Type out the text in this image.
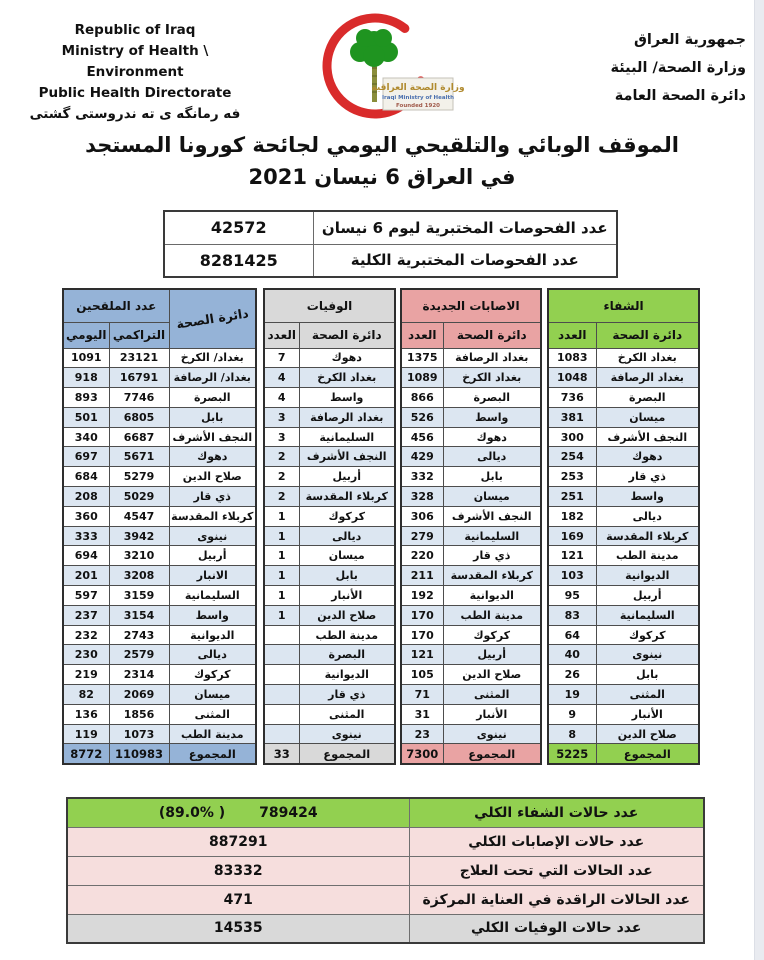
Republic of Iraq
Ministry of Health \ Environment
Public Health Directorate
فه رمانگه ى ته ندروستى گشتى
وزارة الصحة العراقية
Iraqi Ministry of Health
Founded 1920
جمهورية العراق
وزارة الصحة/ البيئة
دائرة الصحة العامة
الموقف الوبائي والتلقيحي اليومي لجائحة كورونا المستجد
في العراق 6 نيسان 2021
عدد الفحوصات المختبرية ليوم 6 نيسان	42572
عدد الفحوصات المختبرية الكلية	8281425
دائرة الصحة	عدد الملقحين	
	التراكمي	اليومي
بغداد/ الكرخ	23121	1091
بغداد/ الرصافة	16791	918
البصرة	7746	893
بابل	6805	501
النجف الأشرف	6687	340
دهوك	5671	697
صلاح الدين	5279	684
ذي قار	5029	208
كربلاء المقدسة	4547	360
نينوى	3942	333
أربيل	3210	694
الانبار	3208	201
السليمانية	3159	597
واسط	3154	237
الديوانية	2743	232
ديالى	2579	230
كركوك	2314	219
ميسان	2069	82
المثنى	1856	136
مدينة الطب	1073	119
المجموع	110983	8772
الوفيات	
دائرة الصحة	العدد
دهوك	7
بغداد الكرخ	4
واسط	4
بغداد الرصافة	3
السليمانية	3
النجف الأشرف	2
أربيل	2
كربلاء المقدسة	2
كركوك	1
ديالى	1
ميسان	1
بابل	1
الأنبار	1
صلاح الدين	1
مدينة الطب	
البصرة	
الديوانية	
ذي قار	
المثنى	
نينوى	
المجموع	33
الاصابات الجديدة	
دائرة الصحة	العدد
بغداد الرصافة	1375
بغداد الكرخ	1089
البصرة	866
واسط	526
دهوك	456
ديالى	429
بابل	332
ميسان	328
النجف الأشرف	306
السليمانية	279
ذي قار	220
كربلاء المقدسة	211
الديوانية	192
مدينة الطب	170
كركوك	170
أربيل	121
صلاح الدين	105
المثنى	71
الأنبار	31
نينوى	23
المجموع	7300
الشفاء	
دائرة الصحة	العدد
بغداد الكرخ	1083
بغداد الرصافة	1048
البصرة	736
ميسان	381
النجف الأشرف	300
دهوك	254
ذي قار	253
واسط	251
ديالى	182
كربلاء المقدسة	169
مدينة الطب	121
الديوانية	103
أربيل	95
السليمانية	83
كركوك	64
نينوى	40
بابل	26
المثنى	19
الأنبار	9
صلاح الدين	8
المجموع	5225
عدد حالات الشفاء الكلي	(89.0% ) 789424

عدد حالات الإصابات الكلي	887291
عدد الحالات التي تحت العلاج	83332
عدد الحالات الراقدة في العناية المركزة	471
عدد حالات الوفيات الكلي	14535
